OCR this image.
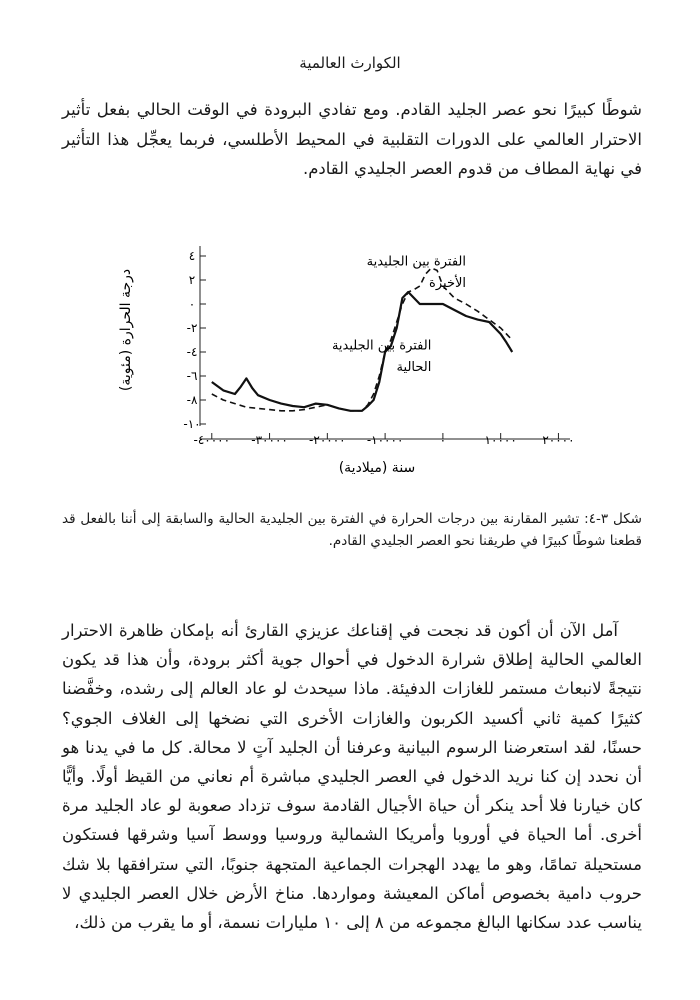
الكوارث العالمية

شوطًا كبيرًا نحو عصر الجليد القادم. ومع تفادي البرودة في الوقت الحالي بفعل تأثير الاحترار العالمي على الدورات التقلبية في المحيط الأطلسي، فربما يعجِّل هذا التأثير في نهاية المطاف من قدوم العصر الجليدي القادم.

٤
٢
٠
-٢
-٤
-٦
-٨
-١٠
-٤٠٠٠٠ -٣٠٠٠٠ -٢٠٠٠٠ -١٠٠٠٠	٠	١٠٠٠٠ ٢٠٠٠٠
الفترة بين الجليدية
الأخيرة
الفترة بين الجليدية
الحالية
درجة الحرارة (مئوية)
سنة (ميلادية)

شكل ٣-٤: تشير المقارنة بين درجات الحرارة في الفترة بين الجليدية الحالية والسابقة إلى أننا بالفعل قد قطعنا شوطًا كبيرًا في طريقنا نحو العصر الجليدي القادم.

آمل الآن أن أكون قد نجحت في إقناعك عزيزي القارئ أنه بإمكان ظاهرة الاحترار العالمي الحالية إطلاق شرارة الدخول في أحوال جوية أكثر برودة، وأن هذا قد يكون نتيجةً لانبعاث مستمر للغازات الدفيئة. ماذا سيحدث لو عاد العالم إلى رشده، وخفَّضنا كثيرًا كمية ثاني أكسيد الكربون والغازات الأخرى التي نضخها إلى الغلاف الجوي؟ حسنًا، لقد استعرضنا الرسوم البيانية وعرفنا أن الجليد آتٍ لا محالة. كل ما في يدنا هو أن نحدد إن كنا نريد الدخول في العصر الجليدي مباشرة أم نعاني من القيظ أولًا. وأيًّا كان خيارنا فلا أحد ينكر أن حياة الأجيال القادمة سوف تزداد صعوبة لو عاد الجليد مرة أخرى. أما الحياة في أوروبا وأمريكا الشمالية وروسيا ووسط آسيا وشرقها فستكون مستحيلة تمامًا، وهو ما يهدد الهجرات الجماعية المتجهة جنوبًا، التي سترافقها بلا شك حروب دامية بخصوص أماكن المعيشة ومواردها. مناخ الأرض خلال العصر الجليدي لا يناسب عدد سكانها البالغ مجموعه من ٨ إلى ١٠ مليارات نسمة، أو ما يقرب من ذلك،
